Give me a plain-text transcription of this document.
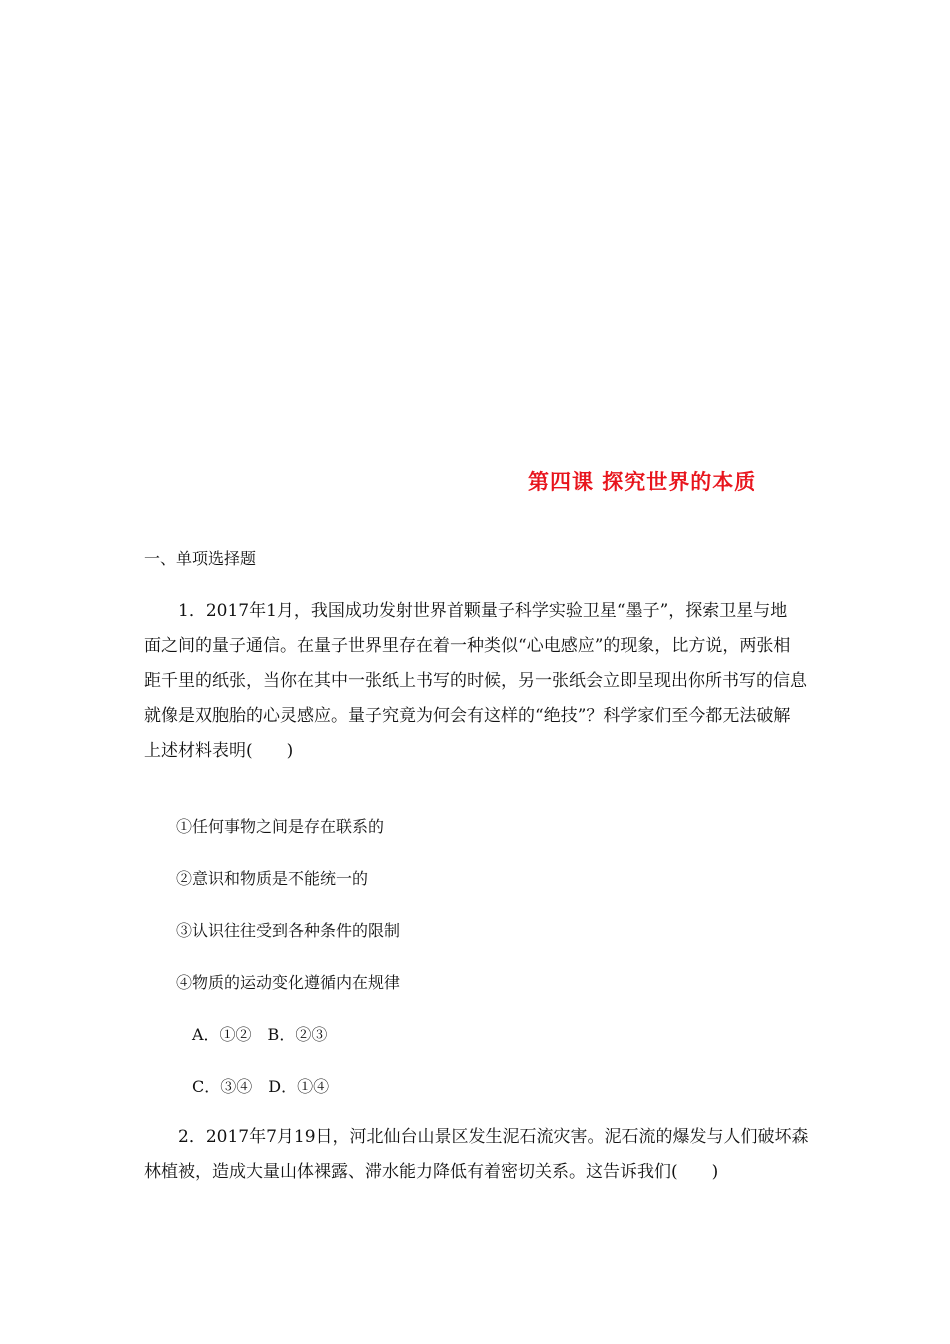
第四课 探究世界的本质
一、单项选择题
1．2017年1月，我国成功发射世界首颗量子科学实验卫星“墨子”，探索卫星与地
面之间的量子通信。在量子世界里存在着一种类似“心电感应”的现象，比方说，两张相
距千里的纸张，当你在其中一张纸上书写的时候，另一张纸会立即呈现出你所书写的信息
就像是双胞胎的心灵感应。量子究竟为何会有这样的“绝技”？科学家们至今都无法破解
上述材料表明(　　)
①任何事物之间是存在联系的
②意识和物质是不能统一的
③认识往往受到各种条件的限制
④物质的运动变化遵循内在规律
A．①②　B．②③
C．③④　D．①④
2．2017年7月19日，河北仙台山景区发生泥石流灾害。泥石流的爆发与人们破坏森
林植被，造成大量山体裸露、滞水能力降低有着密切关系。这告诉我们(　　)
